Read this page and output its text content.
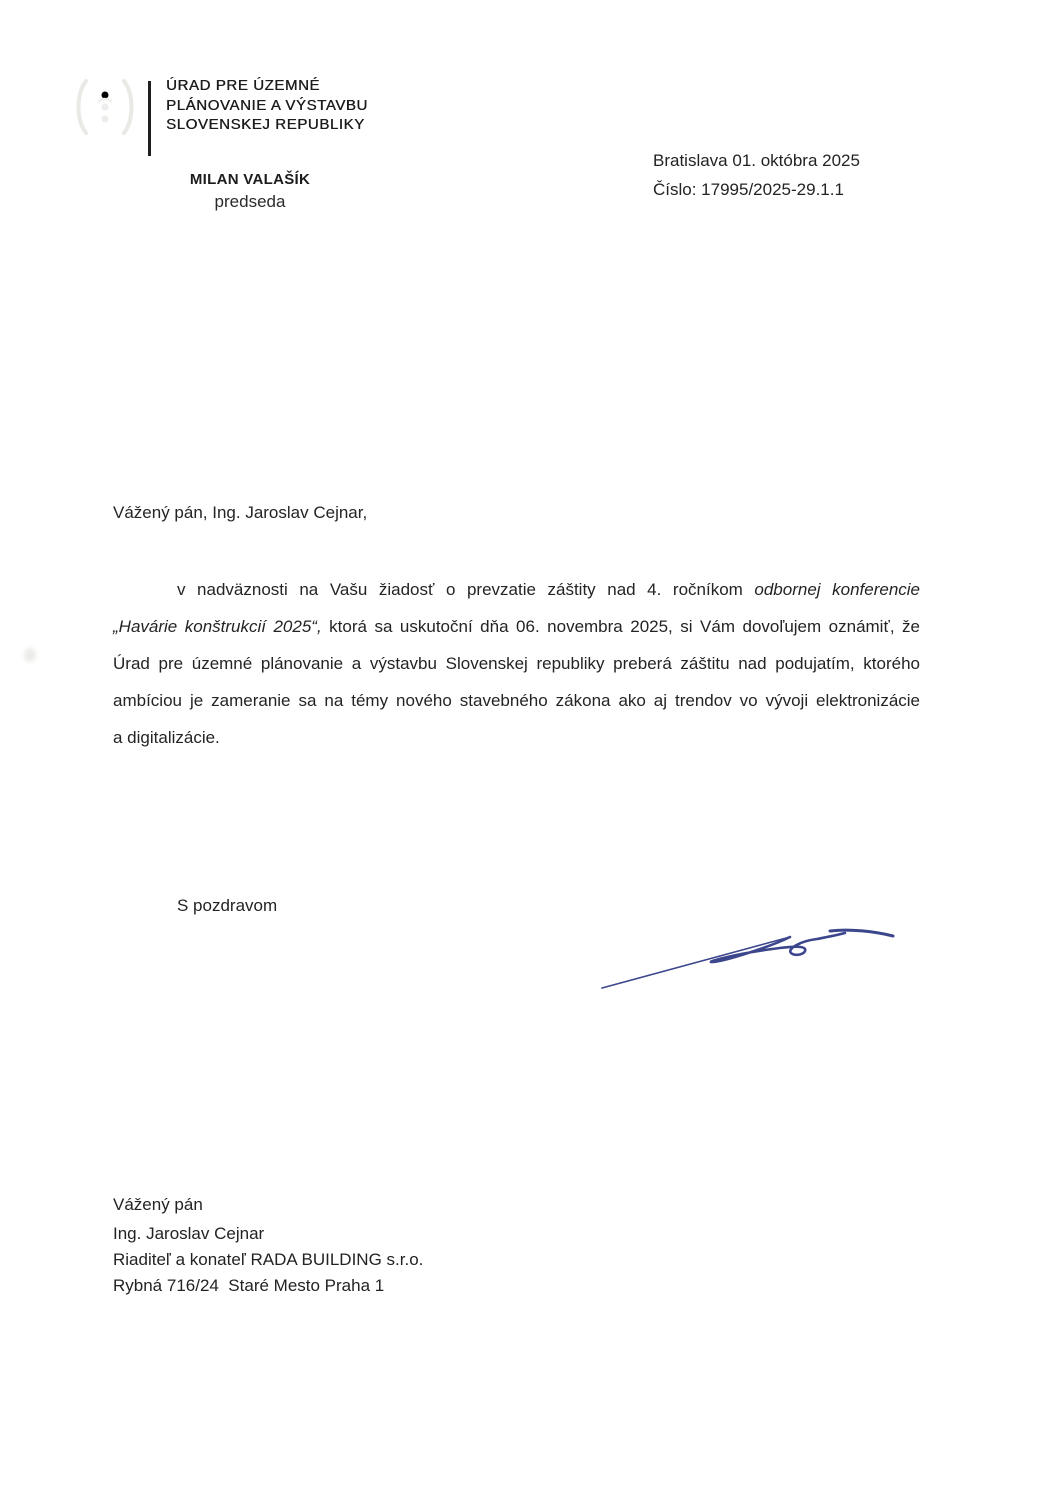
ÚRAD PRE ÚZEMNÉ
PLÁNOVANIE A VÝSTAVBU
SLOVENSKEJ REPUBLIKY
MILAN VALAŠÍK
predseda
Bratislava 01. októbra 2025
Číslo: 17995/2025-29.1.1
Vážený pán, Ing. Jaroslav Cejnar,
v nadväznosti na Vašu žiadosť o prevzatie záštity nad 4. ročníkom odbornej konferencie
„Havárie konštrukcií 2025“, ktorá sa uskutoční dňa 06. novembra 2025, si Vám dovoľujem oznámiť, že
Úrad pre územné plánovanie a výstavbu Slovenskej republiky preberá záštitu nad podujatím, ktorého
ambíciou je zameranie sa na témy nového stavebného zákona ako aj trendov vo vývoji elektronizácie
a digitalizácie.
S pozdravom
Vážený pán
Ing. Jaroslav Cejnar
Riaditeľ a konateľ RADA BUILDING s.r.o.
Rybná 716/24  Staré Mesto Praha 1
